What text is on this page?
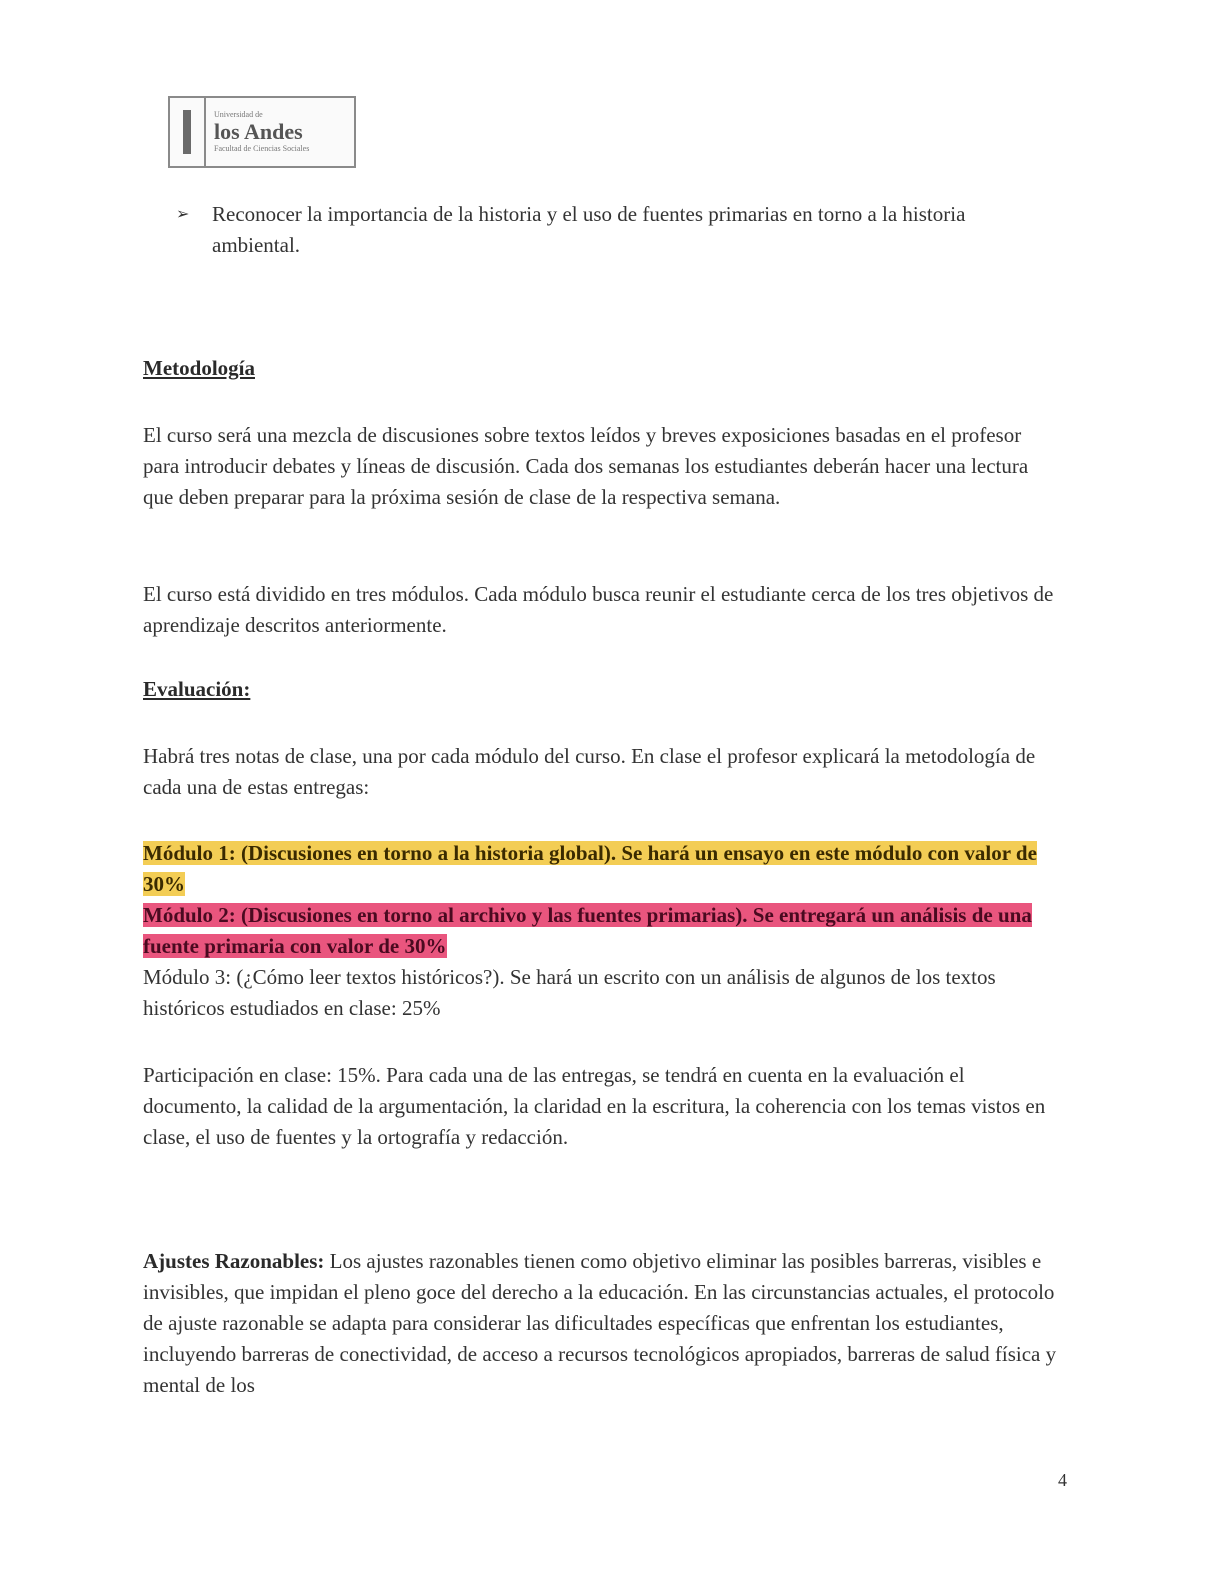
Universidad de
los Andes
Facultad de Ciencias Sociales
➢	Reconocer la importancia de la historia y el uso de fuentes primarias en torno a la historia ambiental.
Metodología
El curso será una mezcla de discusiones sobre textos leídos y breves exposiciones basadas en el profesor para introducir debates y líneas de discusión. Cada dos semanas los estudiantes deberán hacer una lectura que deben preparar para la próxima sesión de clase de la respectiva semana.
El curso está dividido en tres módulos. Cada módulo busca reunir el estudiante cerca de los tres objetivos de aprendizaje descritos anteriormente.
Evaluación:
Habrá tres notas de clase, una por cada módulo del curso. En clase el profesor explicará la metodología de cada una de estas entregas:
Módulo 1: (Discusiones en torno a la historia global). Se hará un ensayo en este módulo con valor de 30%
Módulo 2: (Discusiones en torno al archivo y las fuentes primarias). Se entregará un análisis de una fuente primaria con valor de 30%
Módulo 3: (¿Cómo leer textos históricos?). Se hará un escrito con un análisis de algunos de los textos históricos estudiados en clase: 25%
Participación en clase: 15%. Para cada una de las entregas, se tendrá en cuenta en la evaluación el documento, la calidad de la argumentación, la claridad en la escritura, la coherencia con los temas vistos en clase, el uso de fuentes y la ortografía y redacción.
Ajustes Razonables: Los ajustes razonables tienen como objetivo eliminar las posibles barreras, visibles e invisibles, que impidan el pleno goce del derecho a la educación. En las circunstancias actuales, el protocolo de ajuste razonable se adapta para considerar las dificultades específicas que enfrentan los estudiantes, incluyendo barreras de conectividad, de acceso a recursos tecnológicos apropiados, barreras de salud física y mental de los
4
